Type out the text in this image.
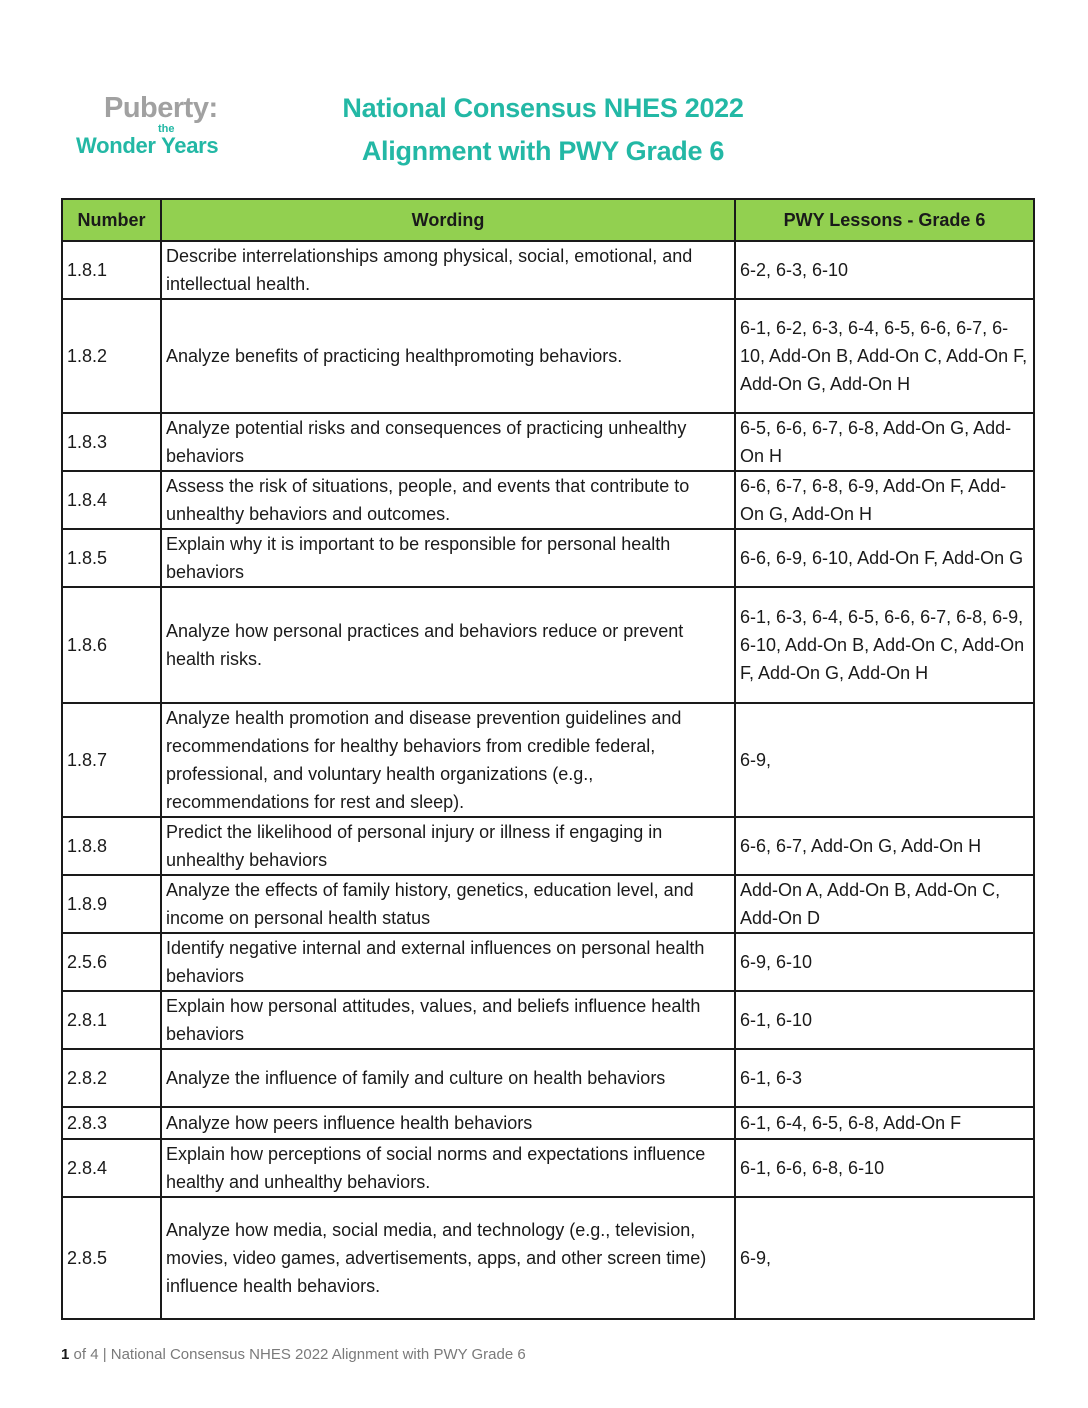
Puberty:
the
Wonder Years
National Consensus NHES 2022
Alignment with PWY Grade 6
Number	Wording	PWY Lessons - Grade 6
1.8.1	Describe interrelationships among physical, social, emotional, and intellectual health.	6-2, 6-3, 6-10
1.8.2	Analyze benefits of practicing healthpromoting behaviors.	6-1, 6-2, 6-3, 6-4, 6-5, 6-6, 6-7, 6-10, Add-On B, Add-On C, Add-On F, Add-On G, Add-On H
1.8.3	Analyze potential risks and consequences of practicing unhealthy behaviors	6-5, 6-6, 6-7, 6-8, Add-On G, Add-On H
1.8.4	Assess the risk of situations, people, and events that contribute to unhealthy behaviors and outcomes.	6-6, 6-7, 6-8, 6-9, Add-On F, Add-On G, Add-On H
1.8.5	Explain why it is important to be responsible for personal health behaviors	6-6, 6-9, 6-10, Add-On F, Add-On G
1.8.6	Analyze how personal practices and behaviors reduce or prevent health risks.	6-1, 6-3, 6-4, 6-5, 6-6, 6-7, 6-8, 6-9, 6-10, Add-On B, Add-On C, Add-On F, Add-On G, Add-On H
1.8.7	Analyze health promotion and disease prevention guidelines and recommendations for healthy behaviors from credible federal, professional, and voluntary health organizations (e.g., recommendations for rest and sleep).	6-9,
1.8.8	Predict the likelihood of personal injury or illness if engaging in unhealthy behaviors	6-6, 6-7, Add-On G, Add-On H
1.8.9	Analyze the effects of family history, genetics, education level, and income on personal health status	Add-On A, Add-On B, Add-On C, Add-On D
2.5.6	Identify negative internal and external influences on personal health behaviors	6-9, 6-10
2.8.1	Explain how personal attitudes, values, and beliefs influence health behaviors	6-1, 6-10
2.8.2	Analyze the influence of family and culture on health behaviors	6-1, 6-3
2.8.3	Analyze how peers influence health behaviors	6-1, 6-4, 6-5, 6-8, Add-On F
2.8.4	Explain how perceptions of social norms and expectations influence healthy and unhealthy behaviors.	6-1, 6-6, 6-8, 6-10
2.8.5	Analyze how media, social media, and technology (e.g., television, movies, video games, advertisements, apps, and other screen time) influence health behaviors.	6-9,
1 of 4 | National Consensus NHES 2022 Alignment with PWY Grade 6
